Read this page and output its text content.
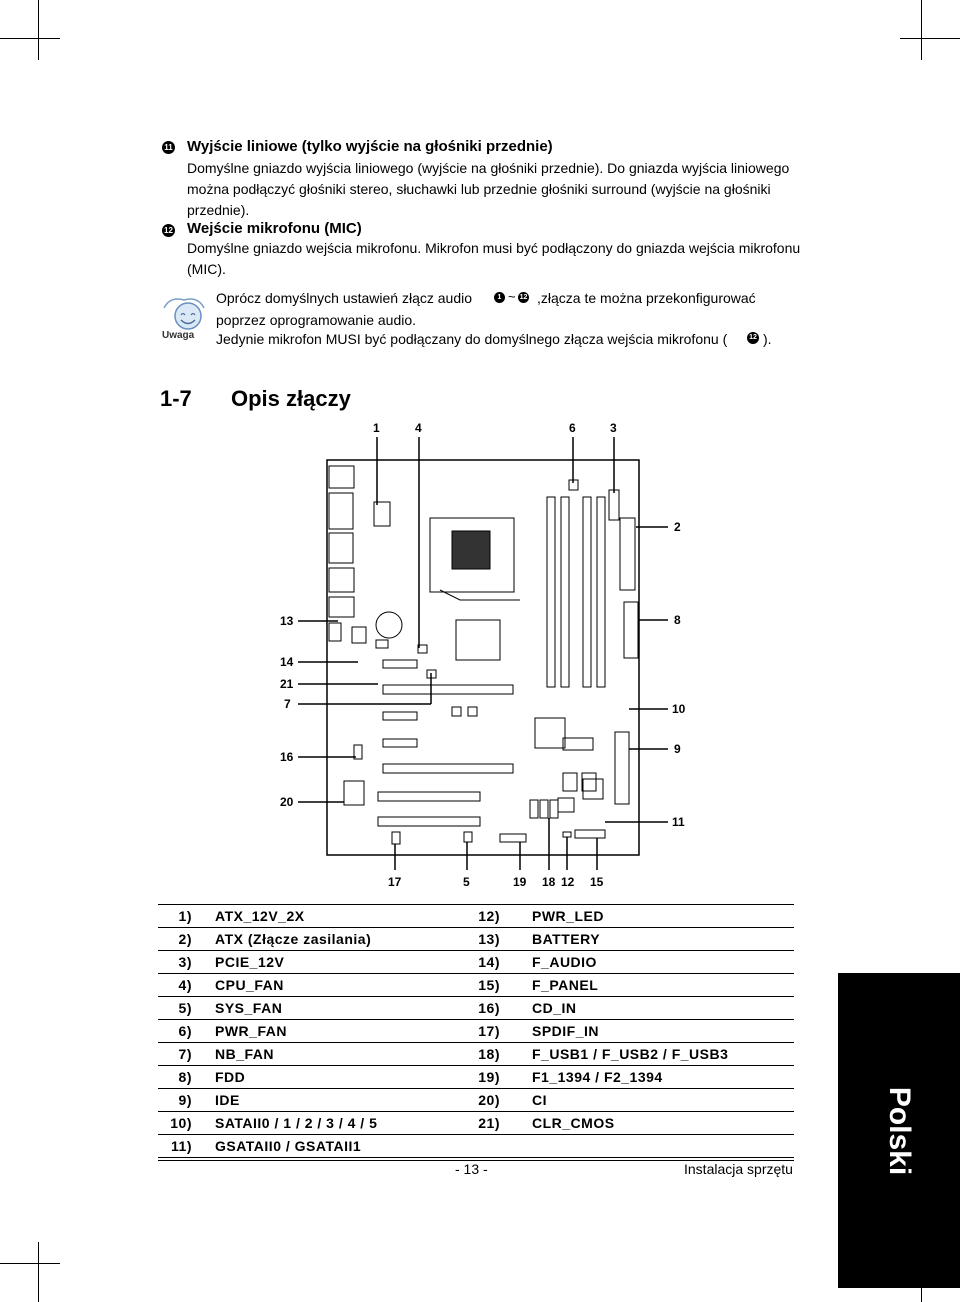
11 Wyjście liniowe (tylko wyjście na głośniki przednie)
Domyślne gniazdo wyjścia liniowego (wyjście na głośniki przednie). Do gniazda wyjścia liniowego
można podłączyć głośniki stereo, słuchawki lub przednie głośniki surround (wyjście na głośniki
przednie).
12 Wejście mikrofonu (MIC)
Domyślne gniazdo wejścia mikrofonu. Mikrofon musi być podłączony do gniazda wejścia mikrofonu
(MIC).
Uwaga
Oprócz domyślnych ustawień złącz audio	1 ~ 12 ,złącza te można przekonfigurować
poprzez oprogramowanie audio.
Jedynie mikrofon MUSI być podłączany do domyślnego złącza wejścia mikrofonu (	12 ).
1-7 Opis złączy
1	4	6	3
2
8
10
9
11
13
14
21
7
16
20
17	5	19 18 12 15
1) ATX_12V_2X	12) PWR_LED
2) ATX (Złącze zasilania)	13) BATTERY
3) PCIE_12V	14) F_AUDIO
4) CPU_FAN	15) F_PANEL
5) SYS_FAN	16) CD_IN
6) PWR_FAN	17) SPDIF_IN
7) NB_FAN	18) F_USB1 / F_USB2 / F_USB3
8) FDD	19) F1_1394 / F2_1394
9) IDE	20) CI
10) SATAII0 / 1 / 2 / 3 / 4 / 5	21) CLR_CMOS
11) GSATAII0 / GSATAII1
- 13 -	Instalacja sprzętu	Polski
